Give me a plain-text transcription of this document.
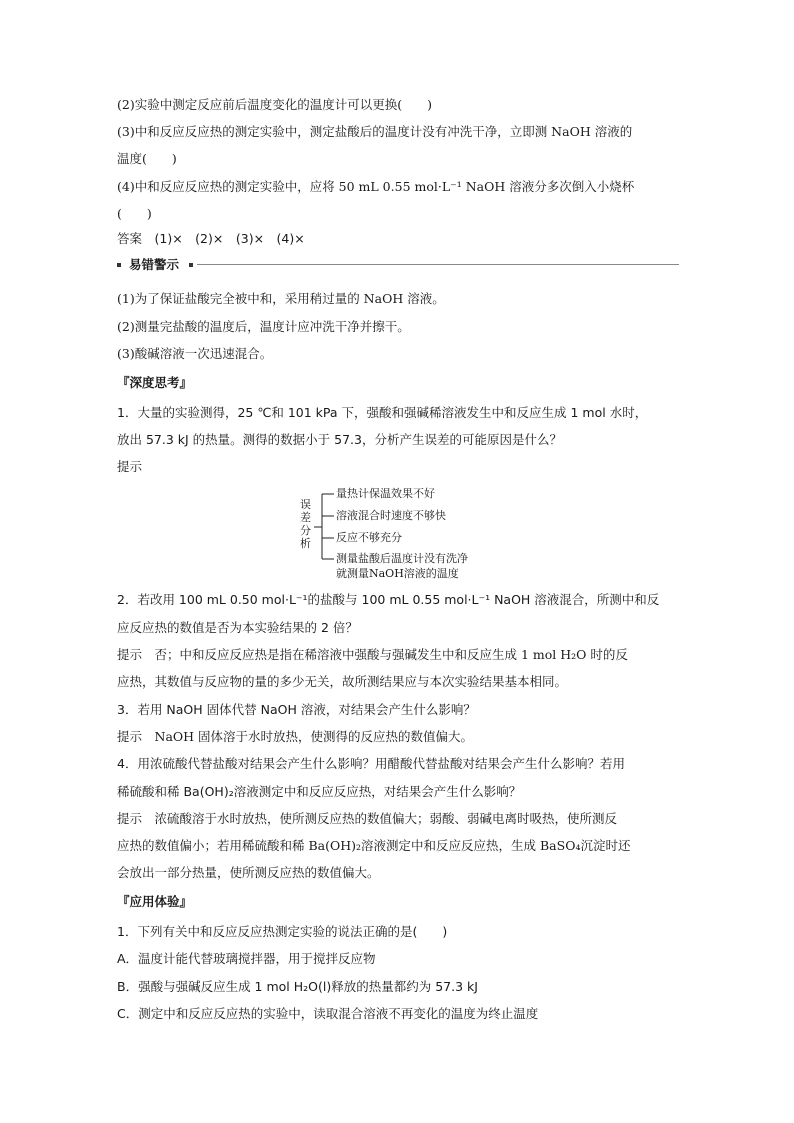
(2)实验中测定反应前后温度变化的温度计可以更换(　　)
(3)中和反应反应热的测定实验中，测定盐酸后的温度计没有冲洗干净，立即测 NaOH 溶液的
温度(　　)
(4)中和反应反应热的测定实验中，应将 50 mL 0.55 mol·L⁻¹ NaOH 溶液分多次倒入小烧杯
(　　)
答案　(1)×　(2)×　(3)×　(4)×
易错警示
(1)为了保证盐酸完全被中和，采用稍过量的 NaOH 溶液。
(2)测量完盐酸的温度后，温度计应冲洗干净并擦干。
(3)酸碱溶液一次迅速混合。
『深度思考』
1．大量的实验测得，25 ℃和 101 kPa 下，强酸和强碱稀溶液发生中和反应生成 1 mol 水时，
放出 57.3 kJ 的热量。测得的数据小于 57.3，分析产生误差的可能原因是什么？
提示
误差分析
量热计保温效果不好
溶液混合时速度不够快
反应不够充分
测量盐酸后温度计没有洗净
就测量NaOH溶液的温度
2．若改用 100 mL 0.50 mol·L⁻¹的盐酸与 100 mL 0.55 mol·L⁻¹ NaOH 溶液混合，所测中和反
应反应热的数值是否为本实验结果的 2 倍？
提示　否；中和反应反应热是指在稀溶液中强酸与强碱发生中和反应生成 1 mol H₂O 时的反
应热，其数值与反应物的量的多少无关，故所测结果应与本次实验结果基本相同。
3．若用 NaOH 固体代替 NaOH 溶液，对结果会产生什么影响？
提示　NaOH 固体溶于水时放热，使测得的反应热的数值偏大。
4．用浓硫酸代替盐酸对结果会产生什么影响？用醋酸代替盐酸对结果会产生什么影响？若用
稀硫酸和稀 Ba(OH)₂溶液测定中和反应反应热，对结果会产生什么影响？
提示　浓硫酸溶于水时放热，使所测反应热的数值偏大；弱酸、弱碱电离时吸热，使所测反
应热的数值偏小；若用稀硫酸和稀 Ba(OH)₂溶液测定中和反应反应热，生成 BaSO₄沉淀时还
会放出一部分热量，使所测反应热的数值偏大。
『应用体验』
1．下列有关中和反应反应热测定实验的说法正确的是(　　)
A．温度计能代替玻璃搅拌器，用于搅拌反应物
B．强酸与强碱反应生成 1 mol H₂O(l)释放的热量都约为 57.3 kJ
C．测定中和反应反应热的实验中，读取混合溶液不再变化的温度为终止温度
